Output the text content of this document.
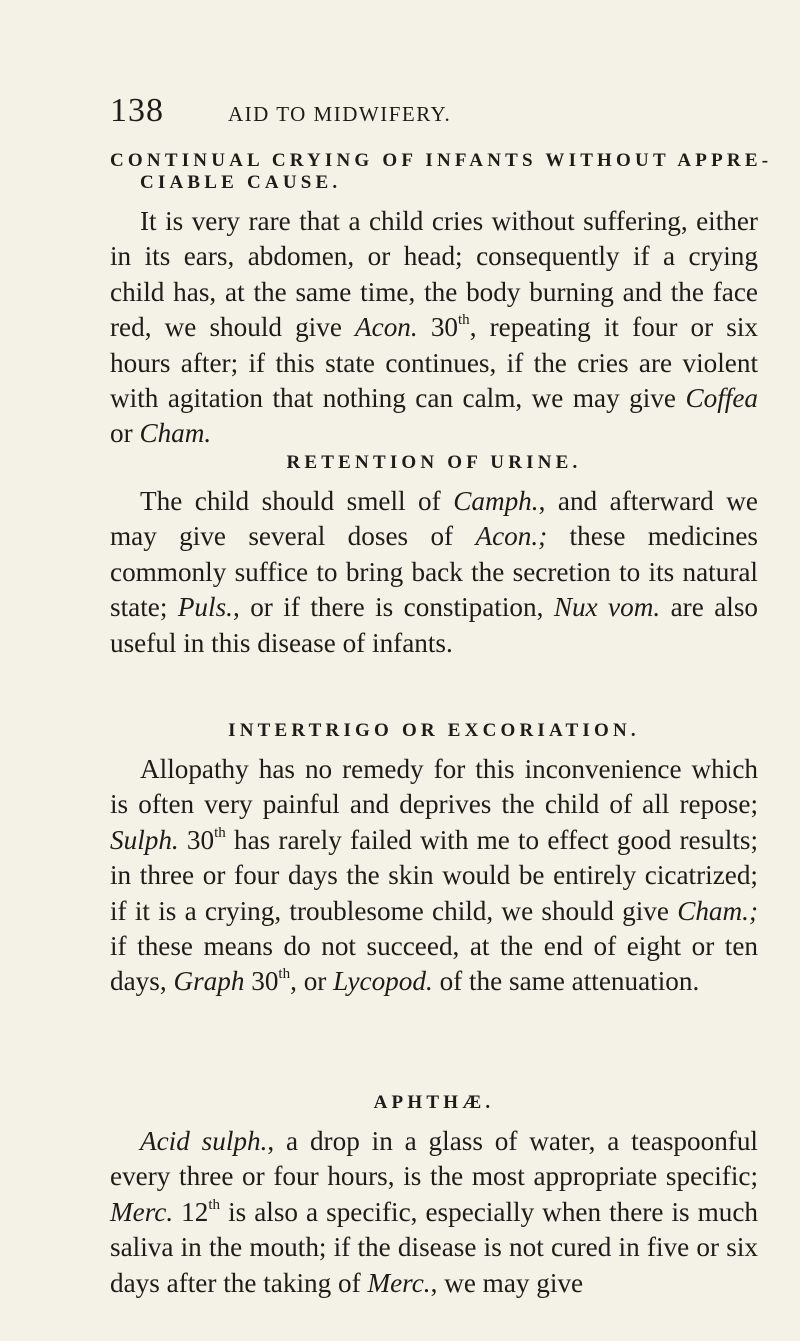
138	AID TO MIDWIFERY.
CONTINUAL CRYING OF INFANTS WITHOUT APPRE-
CIABLE CAUSE.

It is very rare that a child cries without suffering, either in its ears, abdomen, or head; consequently if a crying child has, at the same time, the body burning and the face red, we should give Acon. 30th, repeating it four or six hours after; if this state continues, if the cries are violent with agitation that nothing can calm, we may give Coffea or Cham.

RETENTION OF URINE.

The child should smell of Camph., and afterward we may give several doses of Acon.; these medicines commonly suffice to bring back the secretion to its natural state; Puls., or if there is constipation, Nux vom. are also useful in this disease of infants.

INTERTRIGO OR EXCORIATION.

Allopathy has no remedy for this inconvenience which is often very painful and deprives the child of all repose; Sulph. 30th has rarely failed with me to effect good results; in three or four days the skin would be entirely cicatrized; if it is a crying, troublesome child, we should give Cham.; if these means do not succeed, at the end of eight or ten days, Graph 30th, or Lycopod. of the same attenuation.

APHTHÆ.

Acid sulph., a drop in a glass of water, a teaspoonful every three or four hours, is the most appropriate specific; Merc. 12th is also a specific, especially when there is much saliva in the mouth; if the disease is not cured in five or six days after the taking of Merc., we may give
